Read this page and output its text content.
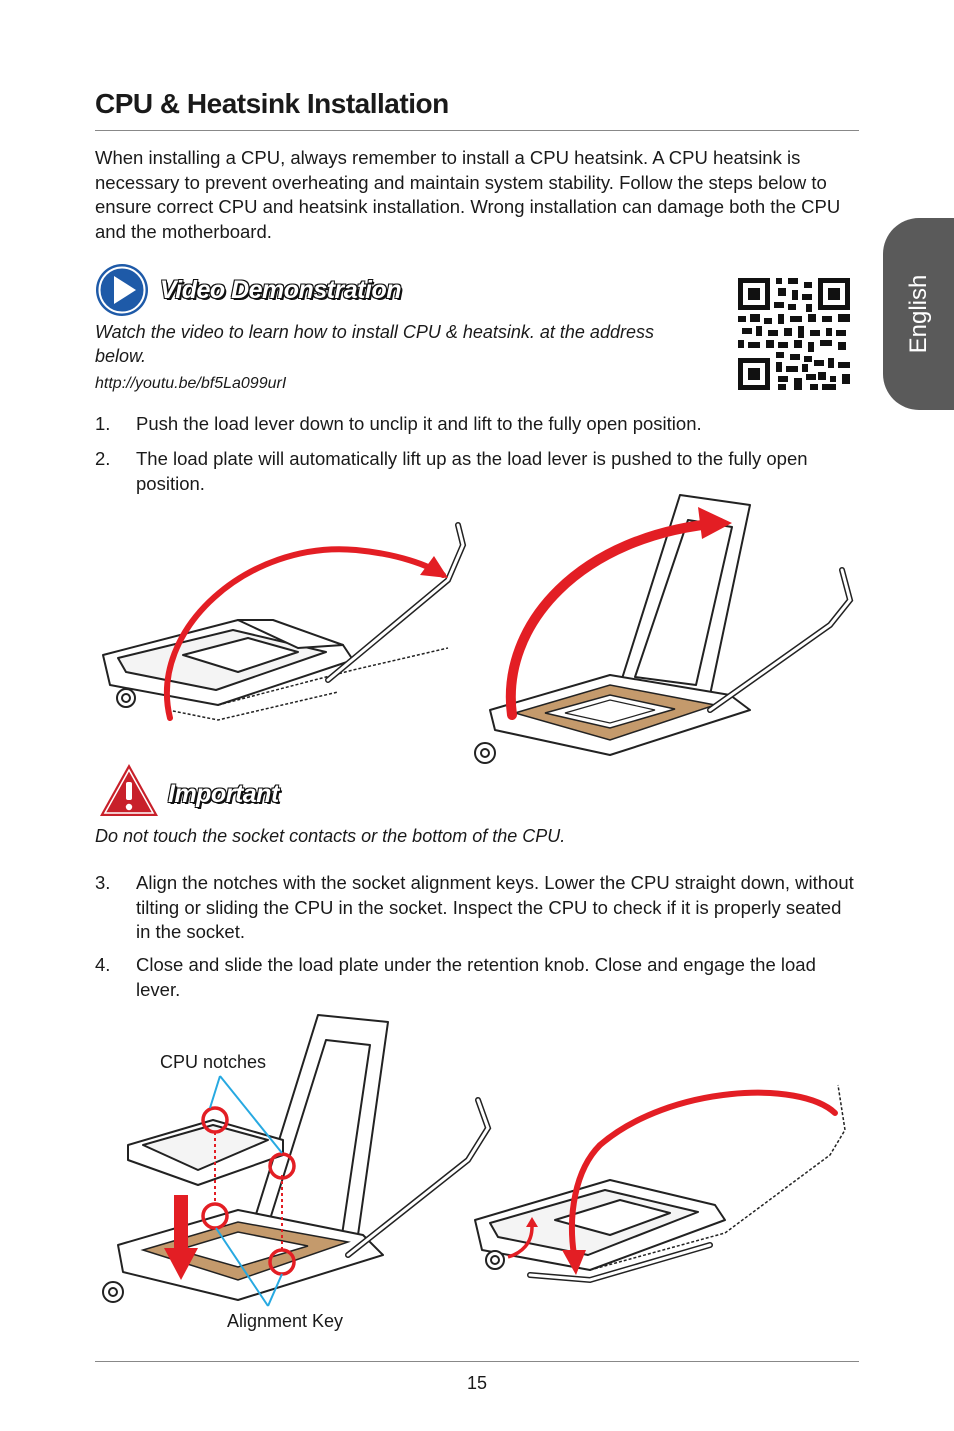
CPU & Heatsink Installation
When installing a CPU, always remember to install a CPU heatsink. A CPU heatsink is necessary to prevent overheating and maintain system stability. Follow the steps below to ensure correct CPU and heatsink installation. Wrong installation can damage both the CPU and the motherboard.
English
Video Demonstration
Watch the video to learn how to install CPU & heatsink. at the address below.
http://youtu.be/bf5La099urI
1. Push the load lever down to unclip it and lift to the fully open position.
2. The load plate will automatically lift up as the load lever is pushed to the fully open position.
Important
Do not touch the socket contacts or the bottom of the CPU.
3. Align the notches with the socket alignment keys. Lower the CPU straight down, without tilting or sliding the CPU in the socket. Inspect the CPU to check if it is properly seated in the socket.
4. Close and slide the load plate under the retention knob. Close and engage the load lever.
CPU notches
Alignment Key
15
